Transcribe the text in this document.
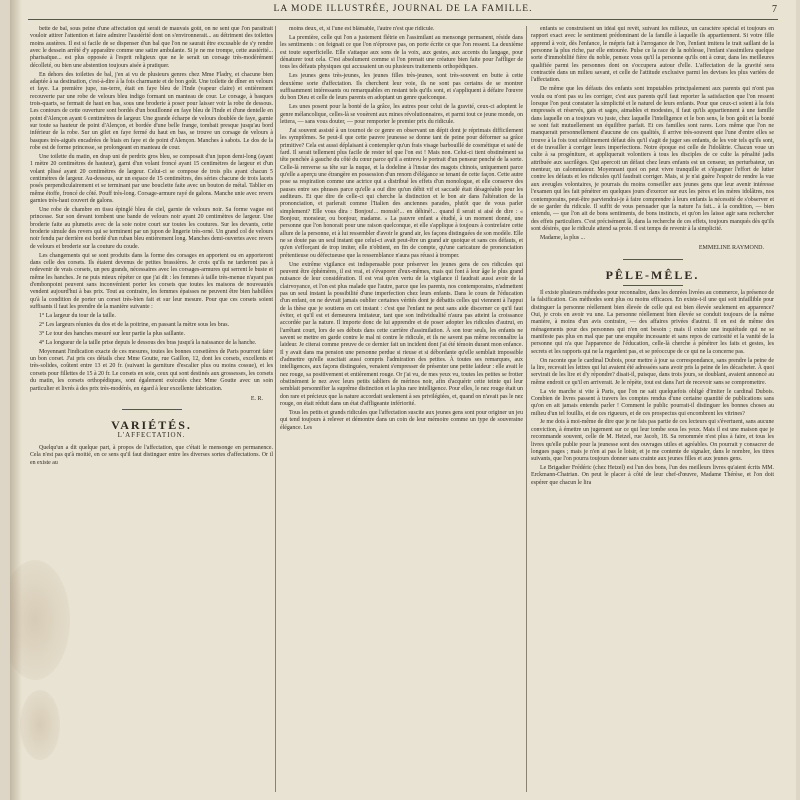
LA MODE ILLUSTRÉE, JOURNAL DE LA FAMILLE.	7

bette de bal, sous peine d'une affectation qui serait de mauvais goût, on ne sent que l'on paraîtrait vouloir attirer l'attention et faire admirer l'austérité dont on s'environnerait... au détriment des toilettes moins austères. Il est si facile de se dispenser d'un bal que l'on ne saurait être excusable de s'y rendre avec le dessein arrêté d'y apparaître comme une satire ambulante. Si je ne me trompe, cette austérité... pharisaïque... est plus opposée à l'esprit religieux que ne le serait un corsage très-modérément décolleté, ou bien une abstention toujours aisée à pratiquer.

En dehors des toilettes de bal, j'en ai vu de plusieurs genres chez Mme Fladry, et chacune bien adaptée à sa destination, c'est-à-dire à la fois charmante et de bon goût. Une toilette de dîner en velours et faye. La première jupe, ras-terre, était en faye bleu de l'Inde (vapeur claire) et entièrement recouverte par une robe de velours bleu indigo formant un manteau de cour. Le corsage, à basques trois-quarts, se fermait de haut en bas, sous une broderie à poser pour laisser voir la robe de dessous. Les contours de cette ouverture sont bordés d'un bouillonné en faye bleu de l'Inde et d'une dentelle en point d'Alençon ayant 6 centimètres de largeur. Une grande écharpe de velours doublée de faye, garnie sur toute sa hauteur de point d'Alençon, et bordée d'une belle frange, tombait presque jusqu'au bord inférieur de la robe. Sur un gilet en faye fermé du haut en bas, se trouve un corsage de velours à basques très-aiguës encadrées de biais en faye et de point d'Alençon. Manches à sabots. Le dos de la robe est de forme princesse, se prolongeant en manteau de cour.

Une toilette du matin, en drap uni de perdrix gros bleu, se composait d'un jupon demi-long (ayant 1 mètre 20 centimètres de hauteur), garni d'un volant froncé ayant 15 centimètres de largeur et d'un volant plissé ayant 20 centimètres de largeur. Celui-ci se compose de trois plis ayant chacun 5 centimètres de largeur. Au-dessous, sur un espace de 15 centimètres, des séries chacune de trois lacets posés perpendiculairement et se terminant par une bouclette faite avec un bouton de métal. Tablier en même étoffe, froncé de côté. Pouff très-long. Corsage-armure rayé de galons. Manche unie avec revers garnies très-haut couvert de galons.

Une robe de chambre en tissu épinglé bleu de ciel, garnie de velours noir. Sa forme vague est princesse. Sur son devant tombent une bande de velours noir ayant 20 centimètres de largeur. Une broderie faite au plumetis avec de la soie noire court sur toutes les coutures. Sur les devants, cette broderie simule des revers qui se terminent par un jupon de lingerie très-orné. Un grand col de velours noir fendu par derrière est bordé d'un ruban bleu entièrement long. Manches demi-ouvertes avec revers de velours et broderie sur la couture du coude.

Les changements qui se sont produits dans la forme des corsages en apportent ou en apporteront dans celle des corsets. Ils étaient devenus de petites brassières. Je crois qu'ils ne tarderont pas à redevenir de vrais corsets, un peu grands, nécessaires avec les corsages-armures qui serrent le buste et même les hanches. Je ne puis mieux répéter ce que j'ai dit : les femmes à taille très-menue n'ayant pas d'embonpoint peuvent sans inconvénient porter les corsets que toutes les maisons de nouveautés vendent aujourd'hui à bas prix. Tout au contraire, les femmes épaisses ne peuvent être bien habillées qu'à la condition de porter un corset très-bien fait et sur leur mesure. Pour que ces corsets soient suffisants il faut les prendre de la manière suivante :

1° La largeur du tour de la taille.

2° Les largeurs réunies du dos et de la poitrine, en passant la mètre sous les bras.

3° Le tour des hanches mesuré sur leur partie la plus saillante.

4° La longueur de la taille prise depuis le dessous des bras jusqu'à la naissance de la hanche.

Moyennant l'indication exacte de ces mesures, toutes les bonnes corsetières de Paris pourront faire un bon corset. J'ai pris ces détails chez Mme Goutte, rue Gaillon, 12, dont les corsets, excellents et très-solides, coûtent entre 13 et 20 fr. (suivant la garniture d'escalier plus ou moins cossue), et les corsets pour fillettes de 15 à 20 fr. Le corsets en soie, ceux qui sont destinés aux grossesses, les corsets du matin, les corsets orthopédiques, sont également exécutés chez Mme Goutte avec un soin particulier et livrés à des prix très-modérés, en égard à leur excellente fabrication.

E. R.
VARIÉTÉS.
L'AFFECTATION.

Quelqu'un a dit quelque part, à propos de l'affectation, que c'était le mensonge en permanence. Cela n'est pas qu'à moitié, en ce sens qu'il faut distinguer entre les diverses sortes d'affectations. Or il en existe au

moins deux, et, si l'une est blâmable, l'autre n'est que ridicule.

La première, celle qui l'on a justement flétrie en l'assimilant au mensonge permanent, réside dans les sentiments : on feignait ce que l'on n'éprouve pas, on porte écrite ce que l'on ressent. La deuxième est toute superficielle. Elle s'attaque aux sons de la voix, aux gestes, aux accents du langage, pour dénaturer tout cela. C'est absolument comme si l'on prenait une créature bien faite pour l'affliger de tous les défauts physiques qui accusaient un ou plusieurs traitements orthopédiques.

Les jeunes gens très-jeunes, les jeunes filles très-jeunes, sont très-souvent en butte à cette deuxième sorte d'affectation. Ils cherchent leur voie, ils ne sont pas certains de se montrer suffisamment intéressants ou remarquables en restant tels qu'ils sont, et s'appliquent à défaire l'œuvre du bon Dieu et celle de leurs parents en adoptant un genre quelconque.

Les unes posent pour la bonté de la grâce, les autres pour celui de la gravité, ceux-ci adoptent le genre mélancolique, celles-là se vouèrent aux mines révolutionnaires, et parmi tout ce jeune monde, on lettera, — sans vous douter, — pour remporter le premier prix du ridicule.

J'ai souvent assisté à un tournoi de ce genre en observant un dépit dont je réprimais difficilement les symptômes. Se peut-il que cette pauvre jeunesse se donne tant de peine pour déformer sa grâce primitive? Cela est aussi déplaisant à contempler qu'un frais visage barbouillé de cosmétique et saté de fard. Il serait tellement plus facile de rester tel que l'on est ! Mais non. Celui-ci tient obstinément sa tête penchée à gauche du côté du cœur parce qu'il a entrevu le portrait d'un penseur penché de la sorte. Celle-là renverse sa tête sur la nuque, et la dodeline à l'instar des magots chinois, uniquement parce qu'elle a aperçu une étrangère en possession d'un renom d'élégance se tenant de cette façon. Cette autre pose sa respiration comme une actrice qui a distribué les effets d'un monologue, et elle conserve des pauses entre ses phrases parce qu'elle a ouï dire qu'un débit vif et saccadé était désagréable pour les auditeurs. Et que dire de celle-ci qui cherche la distinction et le bon air dans l'altération de la prononciation, et parlerait comme l'Italien des anciennes parades, plutôt que de vous parler simplement? Elle vous dira : Bonjou!... monsié!... en déhiné!... quand il serait si aisé de dire : « Bonjour, monsieur, ou bonjour, madame. » La pauvre enfant a étudié, à un moment donné, une personne que l'on honorait pour une raison quelconque, et elle s'applique à toujours à contrefaire cette allure de la personne, et à lui ressembler d'avoir le grand air, les façons distinguées de son modèle. Elle ne se doute pas un seul instant que celui-ci avait peut-être un grand air quoique et sans ces défauts, et qu'en s'efforçant de trop imiter, elle n'obtient, en fin de compte, qu'une caricature de prononciation prétentieuse ou défectueuse que la ressemblance n'aura pas réussi à tromper.

Une extrême vigilance est indispensable pour préserver les jeunes gens de ces ridicules qui peuvent être éphémères, il est vrai, et s'évaporer d'eux-mêmes, mais qui font à leur âge le plus grand nuisance de leur considération. Il est vrai qu'en vertu de la vigilance il faudrait aussi avoir de la clairvoyance, et l'on est plus malade que l'autre, parce que les parents, nos contemporains, n'admettent pas un seul instant la possibilité d'une imperfection chez leurs enfants. Dans le cours de l'éducation d'un enfant, on ne devrait jamais oublier certaines vérités dont je débattis celles qui viennent à l'appui de la thèse que je soutiens en cet instant : c'est que l'enfant ne peut sans aide discerner ce qu'il faut éviter, et qu'il est et demeurera imitateur, tant que son individualité n'aura pas atteint la croissance accordée par la nature. Il importe donc de lui apprendre et de poser adopter les ridicules d'autrui, en l'arrêtant court, lors de ses débuts dans cette carrière d'assimilation. À son tour seuls, les enfants ne savent se mettre en garde contre le mal ni contre le ridicule, et ils ne savent pas même reconnaître la laideur. Je citerai comme preuve de ce dernier fait un incident dont j'ai été témoin durant mon enfance. Il y avait dans ma pension une personne perdue si rieuse et si débordante qu'elle semblait impossible d'admettre qu'elle suscitait aussi compris l'admiration des petites. À toutes ses remarques, aux intelligences, aux façons distinguées, venaient s'empresser de présenter une petite laideur : elle avait le nez rouge, sa positivement et entièrement rouge. Or j'ai vu, de mes yeux vu, toutes les petites se frotter obstinément le nez avec leurs petits tabliers de mérinos noir, afin d'acquérir cette teinte qui leur semblait personnifier la suprême distinction et la plus rare intelligence. Pour elles, le nez rouge était un don rare et précieux que la nature accordait seulement à ses privilégiées, et, quand on n'avait pas le nez rouge, on était réduit dans un état d'affligeante infériorité.

Tous les petits et grands ridicules que l'affectation suscite aux jeunes gens sont pour originer un jeu qui tend toujours à relever et démontre dans un coin de leur mémoire comme un type de souveraine élégance. Les

enfants se construisent un idéal qui revêt, suivant les milieux, un caractère spécial et toujours en rapport exact avec le sentiment prédominant de la famille à laquelle ils appartiennent. Si votre fille apprend à voir, dès l'enfance, le mépris fait à l'arrogance de l'on, l'enfant imitera le trait saillant de la personne la plus riche, par elle entourée. Pulse ce la race de la noblesse, l'enfant s'assimilera quelque sorte d'immobilité fière du noble, pensez vous qu'il la personne qu'ils ont à cœur, dans les meilleures qualifiée parmi les personnes dont on s'occupera autour d'elle. L'affectation de la gravité sera contractée dans un milieu savant, et celle de l'attitude exclusive parmi les devises les plus variées de l'affectation.

De même que les défauts des enfants sont imputables principalement aux parents qui n'ont pas voulu ou n'ont pas su les corriger, c'est aux parents qu'il faut reporter la satisfaction que l'on ressent lorsque l'on peut constater la simplicité et le naturel de leurs enfants. Pour que ceux-ci soient à la fois empressés et réservés, gais et sages, aimables et modestes, il faut qu'ils appartiennent à une famille dans laquelle on a toujours vu juste, chez laquelle l'intelligence et le bon sens, le bon goût et la bonté se sont fait mutuellement un équilibre parfait. Et ces familles sont rares. Lors même que l'on ne manquerait personnellement d'aucune de ces qualités, il arrive très-souvent que l'une d'entre elles se trouve à la fois tout sublimement défaut dès qu'il s'agit de juger ses enfants, de les voir tels qu'ils sont, et de travailler à corriger leurs imperfections. Notre époque est celle de l'idolâtrie. Chacun voue un culte à sa progéniture, et appliquerait volontiers à tous les disciples de ce culte la pénalité jadis attribuée aux sacrilèges. Qui apercoit un défaut chez leurs enfants est un censeur, un perturbateur, un menteur, un calomniateur. Moyennant quoi on peut vivre tranquille et s'épargner l'effort de lutter contre les défauts et les ridicules qu'il faudrait corriger. Mais, si je n'ai guère l'espoir de rendre la vue aux aveugles volontaires, je pourrais du moins conseiller aux jeunes gens que leur avenir intéresse l'examen qui les fait pénétrer en quelques jours d'exercer sur eux les pères et les mères idolâtres, nos contemporains, peut-être parviendrai-je à faire comprendre à leurs enfants la nécessité de s'observer et de se garder du ridicule. Il suffit de vous persuader que la nature l'a fait... à la condition, — bien entendu, — que l'on ait de bons sentiments, de bons instincts, et qu'on les laisse agir sans rechercher des effets particuliers. C'est précisément là, dans la recherche de ces effets, toujours manqués dès qu'ils sont désirés, que le ridicule attend sa proie. Il est temps de revenir à la simplicité.

Madame, la plus ...

EMMELINE RAYMOND.
PÊLE-MÊLE.

Il existe plusieurs méthodes pour reconnaître, dans les denrées livrées au commerce, la présence de la falsification. Ces méthodes sont plus ou moins efficaces. En existe-t-il une qui soit infaillible pour distinguer la personne réellement bien élevée de celle qui est bien élevée seulement en apparence? Oui, je crois en avoir vu une. La personne réellement bien élevée se conduit toujours de la même manière, à moins d'un avis contraire, — des affaires privées d'autrui. Il en est de même des ménagements pour des personnes qui n'en ont besoin ; mais il existe une inquiétude qui ne se manifeste pas plus en mal que par une enquête incessante et sans repos de curiosité et la vanité de la personne qui n'a que l'apparence de l'éducation, celle-là cherche à pénétrer les faits et gestes, les secrets et les rapports qui ne la regardent pas, et se préoccupe de ce qui ne la concerne pas.

On raconte que le cardinal Dubois, pour mettre à jour sa correspondance, sans prendre la peine de la lire, recevait les lettres qui lui avaient été adressées sans avoir pris la peine de les décacheter. À quoi servirait de les lire et d'y répondre? disait-il, puisque, dans trois jours, se doublant, avaient annoncé au même endroit ce qu'il en arriverait. Je le répète, tout est dans l'art de recevoir sans se compromettre.

La vie marche si vite à Paris, que l'on ne sait quelquefois obligé d'imiter le cardinal Dubois. Combien de livres passent à travers les comptes rendus d'une certaine quantité de publications sans qu'on en ait jamais entendu parler ! Comment le public pourrait-il distinguer les bonnes choses au milieu d'un tel fouillis, et de ces rigueurs, et de ces prospectus qui encombrent les vitrines?

Je me dois à moi-même de dire que je ne fais pas partie de ces lecteurs qui s'évertuent, sans aucune conviction, à émettre un jugement sur ce qui leur tombe sous les yeux. Mais il est une maison que je recommande souvent, celle de M. Hetzel, rue Jacob, 18. Sa renommée n'est plus à faire, et tous les livres qu'elle publie pour la jeunesse sont des ouvrages utiles et agréables. On pourrait y consacrer de longues pages ; mais je n'en ai pas le loisir, et je me contente de signaler, dans le nombre, les titres suivants, que l'on pourra toujours donner sans crainte aux jeunes filles et aux jeunes gens.

Le Brigadier Frédéric (chez Hetzel) est l'un des bons, l'un des meilleurs livres qu'aient écrits MM. Erckmann-Chatrian. On peut le placer à côté de leur chef-d'œuvre, Madame Thérèse, et l'on doit espérer que chacun le lira
